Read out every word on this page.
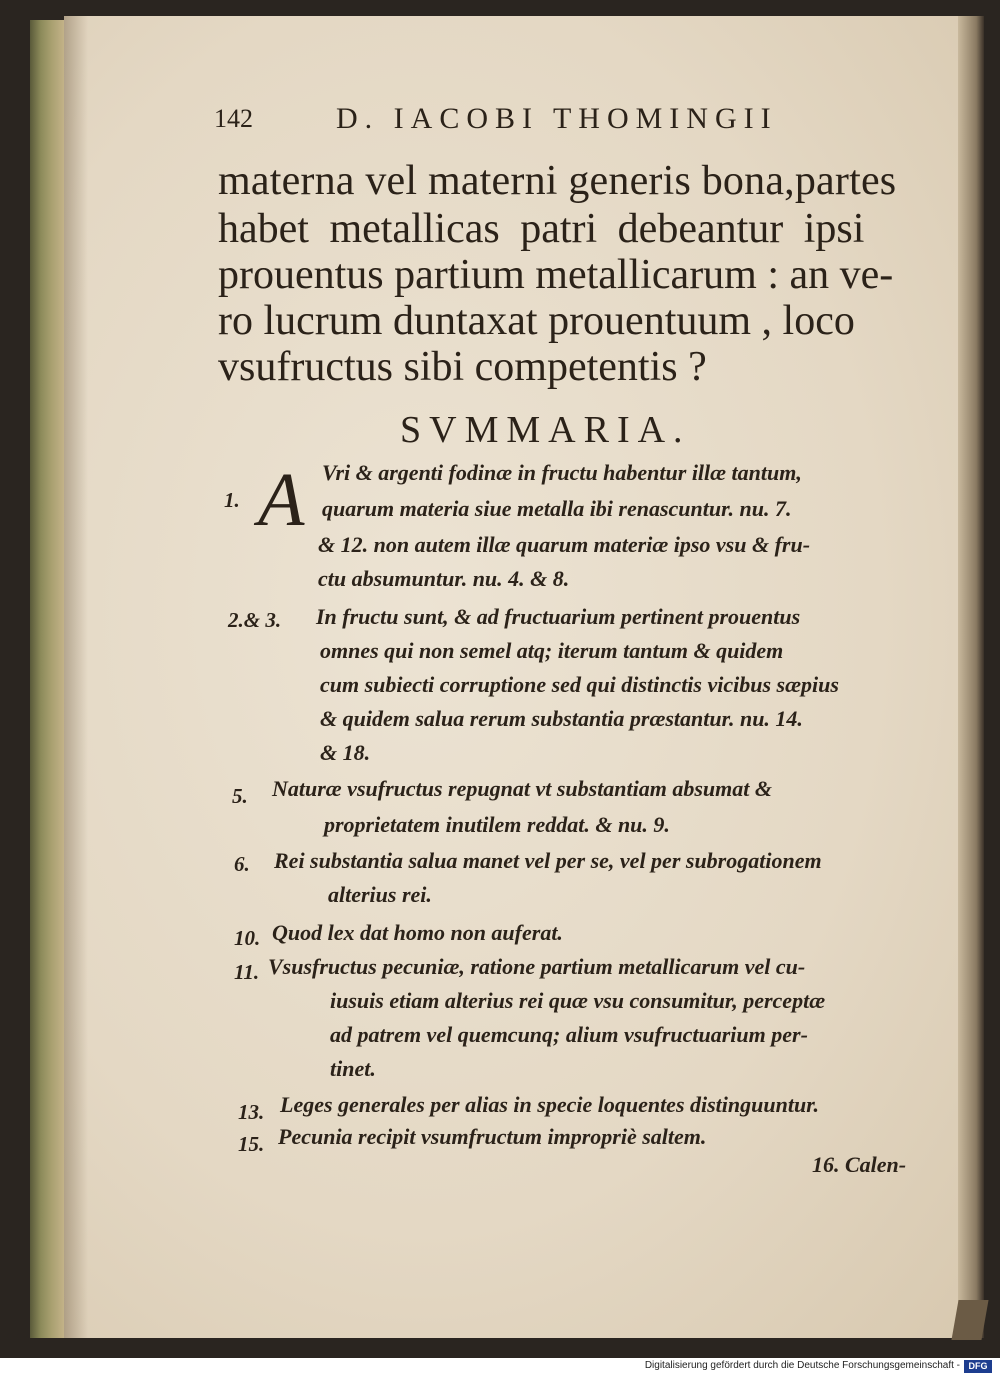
142	D. IACOBI THOMINGII
materna vel materni generis bona,partes
habet metallicas patri debeantur ipsi
prouentus partium metallicarum : an ve-
ro lucrum duntaxat prouentuum , loco
vsufructus sibi competentis ?
SVMMARIA.
A
1.
Vri & argenti fodinæ in fructu habentur illæ tantum,
quarum materia siue metalla ibi renascuntur. nu. 7.
& 12. non autem illæ quarum materiæ ipso vsu & fru-
ctu absumuntur. nu. 4. & 8.
2.& 3. In fructu sunt, & ad fructuarium pertinent prouentus
omnes qui non semel atq; iterum tantum & quidem
cum subiecti corruptione sed qui distinctis vicibus sæpius
& quidem salua rerum substantia præstantur. nu. 14.
& 18.
5. Naturæ vsufructus repugnat vt substantiam absumat &
proprietatem inutilem reddat. & nu. 9.
6. Rei substantia salua manet vel per se, vel per subrogationem
alterius rei.
10. Quod lex dat homo non auferat.
11. Vsusfructus pecuniæ, ratione partium metallicarum vel cu-
iusuis etiam alterius rei quæ vsu consumitur, perceptæ
ad patrem vel quemcunq; alium vsufructuarium per-
tinet.
13. Leges generales per alias in specie loquentes distinguuntur.
15. Pecunia recipit vsumfructum impropriè saltem.
16. Calen-
Digitalisierung gefördert durch die Deutsche Forschungsgemeinschaft - DFG
